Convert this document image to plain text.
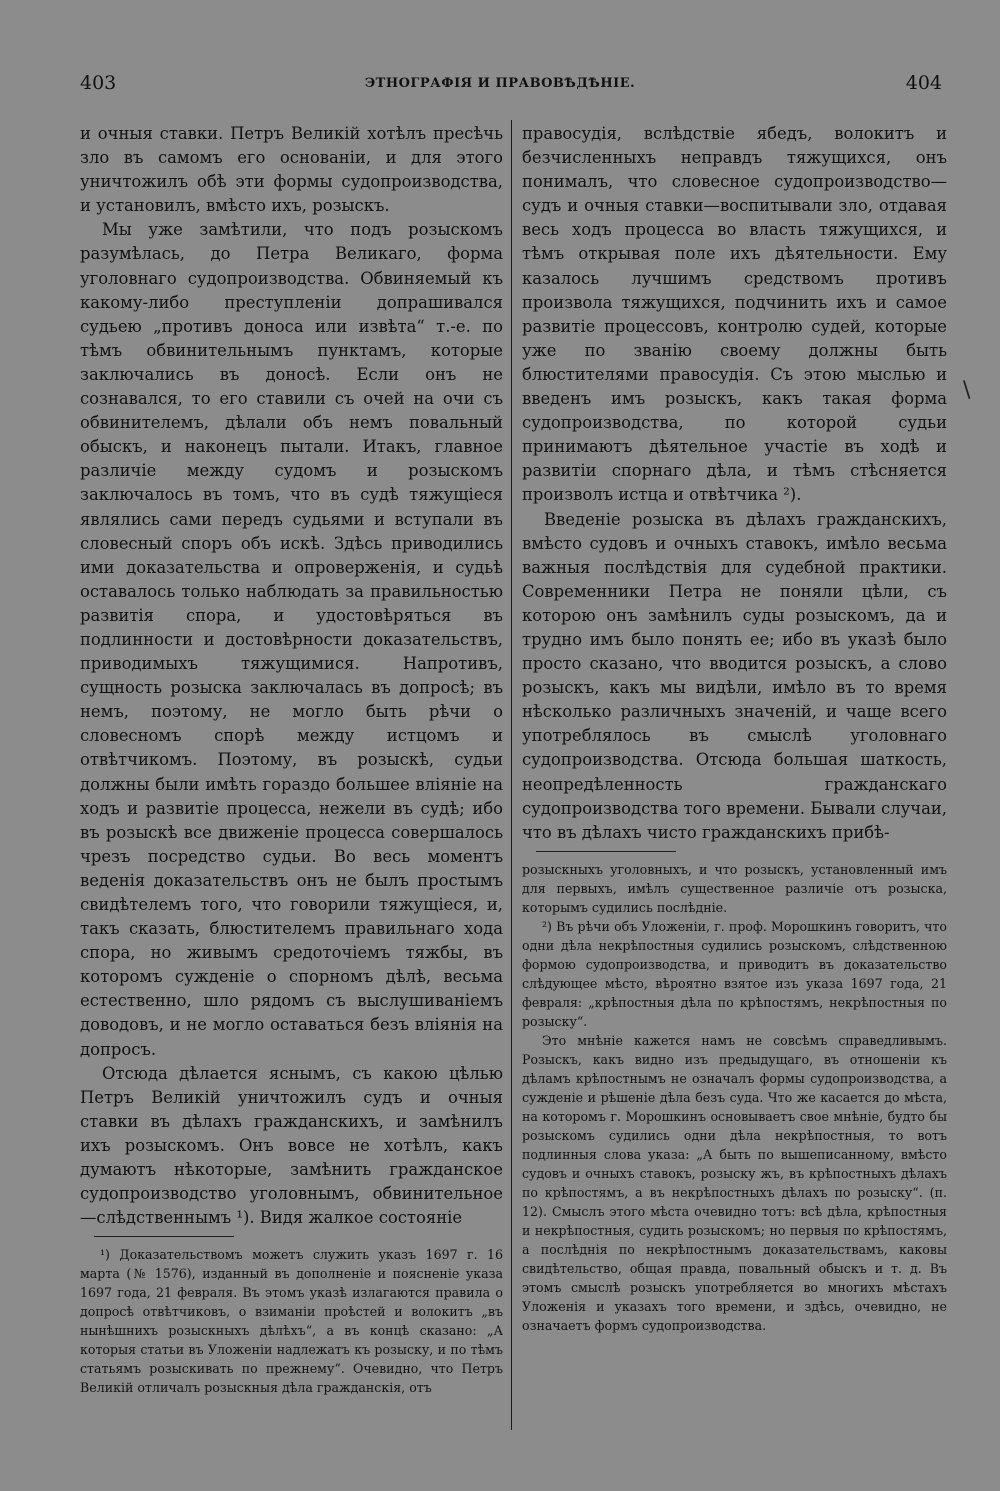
403	ЭТНОГРАФІЯ И ПРАВОВѢДѢНІЕ.	404
\

и очныя ставки. Петръ Великій хотѣлъ пресѣчь зло въ самомъ его основаніи, и для этого уничтожилъ обѣ эти формы судопроизводства, и установилъ, вмѣсто ихъ, розыскъ.

Мы уже замѣтили, что подъ розыскомъ разумѣлась, до Петра Великаго, форма уголовнаго судопроизводства. Обвиняемый къ какому-либо преступленіи допрашивался судьею „противъ доноса или извѣта“ т.-е. по тѣмъ обвинительнымъ пунктамъ, которые заключались въ доносѣ. Если онъ не сознавался, то его ставили съ очей на очи съ обвинителемъ, дѣлали объ немъ повальный обыскъ, и наконецъ пытали. Итакъ, главное различіе между судомъ и розыскомъ заключалось въ томъ, что въ судѣ тяжущіеся являлись сами передъ судьями и вступали въ словесный споръ объ искѣ. Здѣсь приводились ими доказательства и опроверженія, и судьѣ оставалось только наблюдать за правильностью развитія спора, и удостовѣряться въ подлинности и достовѣрности доказательствъ, приводимыхъ тяжущимися. Напротивъ, сущность розыска заключалась въ допросѣ; въ немъ, поэтому, не могло быть рѣчи о словесномъ спорѣ между истцомъ и отвѣтчикомъ. Поэтому, въ розыскѣ, судьи должны были имѣть гораздо большее вліяніе на ходъ и развитіе процесса, нежели въ судѣ; ибо въ розыскѣ все движеніе процесса совершалось чрезъ посредство судьи. Во весь моментъ веденія доказательствъ онъ не былъ простымъ свидѣтелемъ того, что говорили тяжущіеся, и, такъ сказать, блюстителемъ правильнаго хода спора, но живымъ средоточіемъ тяжбы, въ которомъ сужденіе о спорномъ дѣлѣ, весьма естественно, шло рядомъ съ выслушиваніемъ доводовъ, и не могло оставаться безъ вліянія на допросъ.

Отсюда дѣлается яснымъ, съ какою цѣлью Петръ Великій уничтожилъ судъ и очныя ставки въ дѣлахъ гражданскихъ, и замѣнилъ ихъ розыскомъ. Онъ вовсе не хотѣлъ, какъ думаютъ нѣкоторые, замѣнить гражданское судопроизводство уголовнымъ, обвинительное —слѣдственнымъ ¹). Видя жалкое состояніе

¹) Доказательствомъ можетъ служить указъ 1697 г. 16 марта (№ 1576), изданный въ дополненіе и поясненіе указа 1697 года, 21 февраля. Въ этомъ указѣ излагаются правила о допросѣ отвѣтчиковъ, о взиманіи проѣстей и волокитъ „въ нынѣшнихъ розыскныхъ дѣлѣхъ“, а въ концѣ сказано: „А которыя статьи въ Уложеніи надлежатъ къ розыску, и по тѣмъ статьямъ розыскивать по прежнему“. Очевидно, что Петръ Великій отличалъ розыскныя дѣла гражданскія, отъ

правосудія, вслѣдствіе ябедъ, волокитъ и безчисленныхъ неправдъ тяжущихся, онъ понималъ, что словесное судопроизводство—судъ и очныя ставки—воспитывали зло, отдавая весь ходъ процесса во власть тяжущихся, и тѣмъ открывая поле ихъ дѣятельности. Ему казалось лучшимъ средствомъ противъ произвола тяжущихся, подчинить ихъ и самое развитіе процессовъ, контролю судей, которые уже по званію своему должны быть блюстителями правосудія. Съ этою мыслью и введенъ имъ розыскъ, какъ такая форма судопроизводства, по которой судьи принимаютъ дѣятельное участіе въ ходѣ и развитіи спорнаго дѣла, и тѣмъ стѣсняется произволъ истца и отвѣтчика ²).

Введеніе розыска въ дѣлахъ гражданскихъ, вмѣсто судовъ и очныхъ ставокъ, имѣло весьма важныя послѣдствія для судебной практики. Современники Петра не поняли цѣли, съ которою онъ замѣнилъ суды розыскомъ, да и трудно имъ было понять ее; ибо въ указѣ было просто сказано, что вводится розыскъ, а слово розыскъ, какъ мы видѣли, имѣло въ то время нѣсколько различныхъ значеній, и чаще всего употреблялось въ смыслѣ уголовнаго судопроизводства. Отсюда большая шаткость, неопредѣленность гражданскаго судопроизводства того времени. Бывали случаи, что въ дѣлахъ чисто гражданскихъ прибѣ-

розыскныхъ уголовныхъ, и что розыскъ, установленный имъ для первыхъ, имѣлъ существенное различіе отъ розыска, которымъ судились послѣдніе.

²) Въ рѣчи объ Уложеніи, г. проф. Морошкинъ говоритъ, что одни дѣла некрѣпостныя судились розыскомъ, слѣдственною формою судопроизводства, и приводитъ въ доказательство слѣдующее мѣсто, вѣроятно взятое изъ указа 1697 года, 21 февраля: „крѣпостныя дѣла по крѣпостямъ, некрѣпостныя по розыску“.

Это мнѣніе кажется намъ не совсѣмъ справедливымъ. Розыскъ, какъ видно изъ предыдущаго, въ отношеніи къ дѣламъ крѣпостнымъ не означалъ формы судопроизводства, а сужденіе и рѣшеніе дѣла безъ суда. Что же касается до мѣста, на которомъ г. Морошкинъ основываетъ свое мнѣніе, будто бы розыскомъ судились одни дѣла некрѣпостныя, то вотъ подлинныя слова указа: „А быть по вышеписанному, вмѣсто судовъ и очныхъ ставокъ, розыску жъ, въ крѣпостныхъ дѣлахъ по крѣпостямъ, а въ некрѣпостныхъ дѣлахъ по розыску“. (п. 12). Смыслъ этого мѣста очевидно тотъ: всѣ дѣла, крѣпостныя и некрѣпостныя, судить розыскомъ; но первыя по крѣпостямъ, а послѣднія по некрѣпостнымъ доказательствамъ, каковы свидѣтельство, общая правда, повальный обыскъ и т. д. Въ этомъ смыслѣ розыскъ употребляется во многихъ мѣстахъ Уложенія и указахъ того времени, и здѣсь, очевидно, не означаетъ формъ судопроизводства.
